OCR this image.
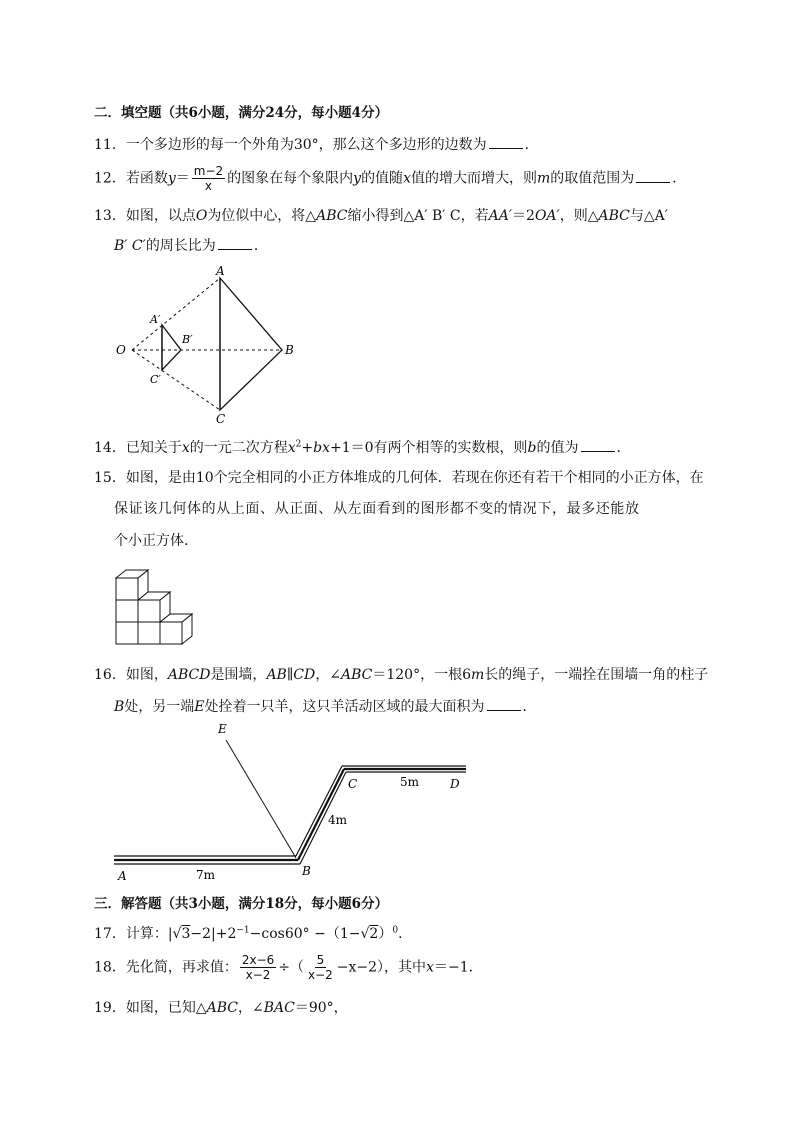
二．填空题（共6小题，满分24分，每小题4分）
11．一个多边形的每一个外角为30°，那么这个多边形的边数为	．
12．若函数$y= \frac{m-2}{x}$ 的图象在每个象限内y的值随x值的增大而增大，则m的取值范围为	．
13．如图，以点O为位似中心，将△ABC缩小得到△A′ B′ C，若AA′＝2OA′，则△ABC与△A′
B′ C′的周长比为	．
A
B
C
O
A′
B′
C′
14．已知关于x的一元二次方程$x^2+bx+1=0$有两个相等的实数根，则b的值为	．
15．如图，是由10个完全相同的小正方体堆成的几何体．若现在你还有若干个相同的小正方体，在
保证该几何体的从上面、从正面、从左面看到的图形都不变的情况下，最多还能放
个小正方体．
16．如图，ABCD是围墙，AB∥CD，∠ABC＝120°，一根6m长的绳子，一端拴在围墙一角的柱子
B处，另一端E处拴着一只羊，这只羊活动区域的最大面积为	．
E
A	B
C	D
5m
4m
7m
三．解答题（共3小题，满分18分，每小题6分）
17．计算：$|√3-2|+2^{-1}-\cos 60^\circ -(1-√2)^0$．
18．先化简，再求值： $\frac{2x-6}{x-2}$ ÷（ $\frac{5}{x-2} -x-2$），其中x＝−1．
19．如图，已知△ABC，∠BAC＝90°，
